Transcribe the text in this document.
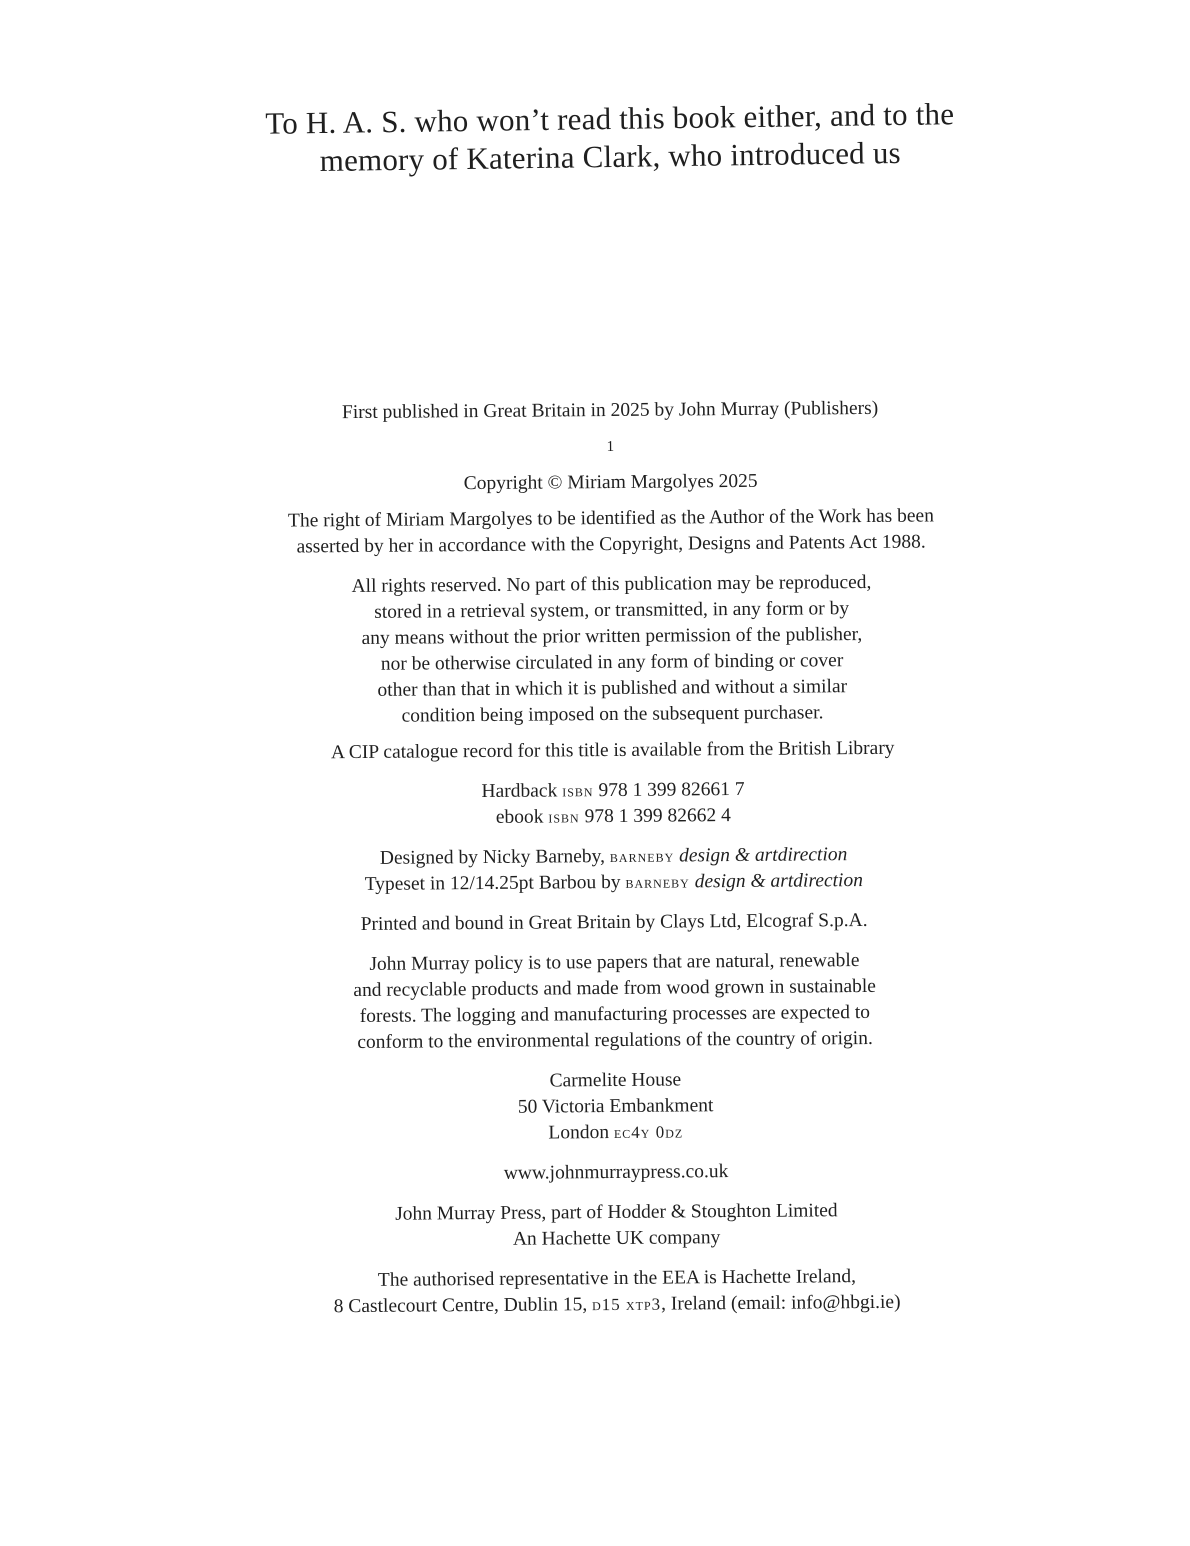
To H. A. S. who won’t read this book either, and to the
memory of Katerina Clark, who introduced us
First published in Great Britain in 2025 by John Murray (Publishers)
1
Copyright © Miriam Margolyes 2025
The right of Miriam Margolyes to be identified as the Author of the Work has been
asserted by her in accordance with the Copyright, Designs and Patents Act 1988.
All rights reserved. No part of this publication may be reproduced,
stored in a retrieval system, or transmitted, in any form or by
any means without the prior written permission of the publisher,
nor be otherwise circulated in any form of binding or cover
other than that in which it is published and without a similar
condition being imposed on the subsequent purchaser.
A CIP catalogue record for this title is available from the British Library
Hardback isbn 978 1 399 82661 7
ebook isbn 978 1 399 82662 4
Designed by Nicky Barneby, barneby design & artdirection
Typeset in 12/14.25pt Barbou by barneby design & artdirection
Printed and bound in Great Britain by Clays Ltd, Elcograf S.p.A.
John Murray policy is to use papers that are natural, renewable
and recyclable products and made from wood grown in sustainable
forests. The logging and manufacturing processes are expected to
conform to the environmental regulations of the country of origin.
Carmelite House
50 Victoria Embankment
London ec4y 0dz
www.johnmurraypress.co.uk
John Murray Press, part of Hodder & Stoughton Limited
An Hachette UK company
The authorised representative in the EEA is Hachette Ireland,
8 Castlecourt Centre, Dublin 15, d15 xtp3, Ireland (email: info@hbgi.ie)
